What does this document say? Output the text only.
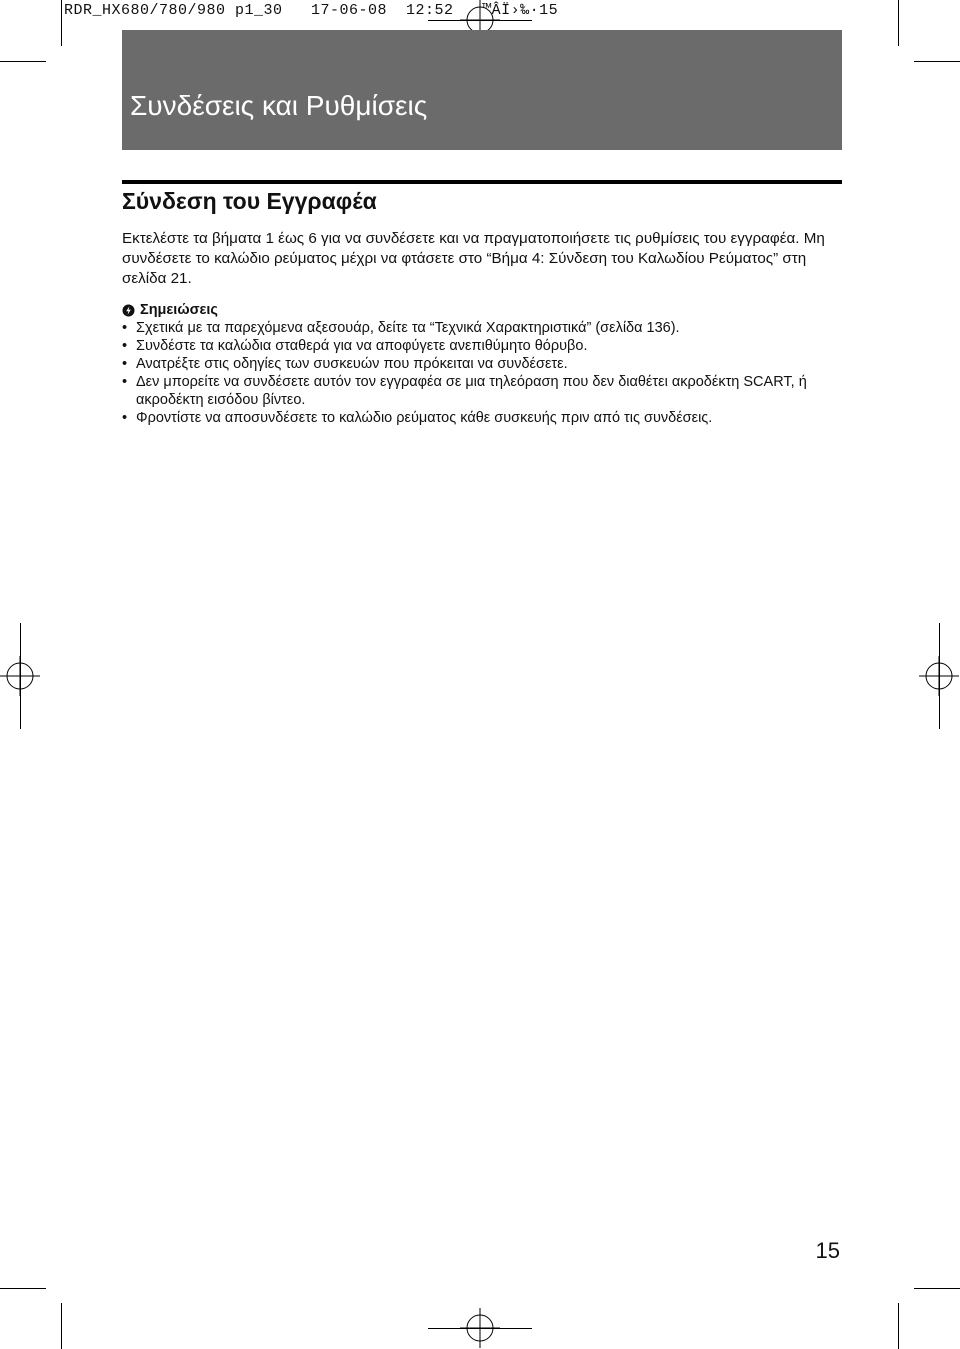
RDR_HX680/780/980 p1_30   17-06-08  12:52   ™ÂÏ›‰·15
Συνδέσεις και Ρυθμίσεις
Σύνδεση του Εγγραφέα

Εκτελέστε τα βήματα 1 έως 6 για να συνδέσετε και να πραγματοποιήσετε τις ρυθμίσεις του εγγραφέα. Μη συνδέσετε το καλώδιο ρεύματος μέχρι να φτάσετε στο “Βήμα 4: Σύνδεση του Καλωδίου Ρεύματος” στη σελίδα 21.

Σημειώσεις
• Σχετικά με τα παρεχόμενα αξεσουάρ, δείτε τα “Τεχνικά Χαρακτηριστικά” (σελίδα 136).
• Συνδέστε τα καλώδια σταθερά για να αποφύγετε ανεπιθύμητο θόρυβο.
• Ανατρέξτε στις οδηγίες των συσκευών που πρόκειται να συνδέσετε.
• Δεν μπορείτε να συνδέσετε αυτόν τον εγγραφέα σε μια τηλεόραση που δεν διαθέτει ακροδέκτη SCART, ή ακροδέκτη εισόδου βίντεο.
• Φροντίστε να αποσυνδέσετε το καλώδιο ρεύματος κάθε συσκευής πριν από τις συνδέσεις.
15
